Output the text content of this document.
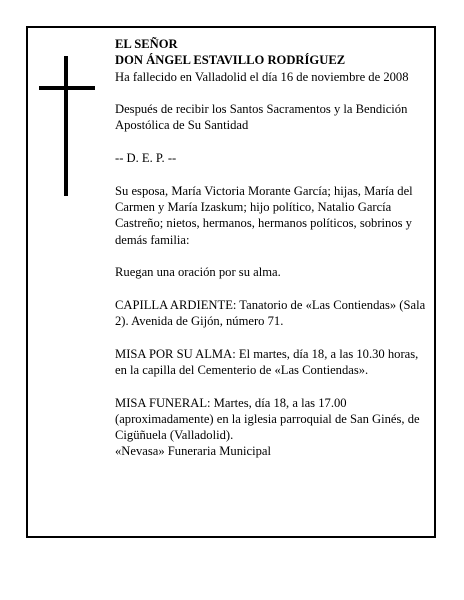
EL SEÑOR

DON ÁNGEL ESTAVILLO RODRÍGUEZ

Ha fallecido en Valladolid el día 16 de noviembre de 2008

Después de recibir los Santos Sacramentos y la Bendición Apostólica de Su Santidad

-- D. E. P. --

Su esposa, María Victoria Morante García; hijas, María del Carmen y María Izaskum; hijo político, Natalio García Castreño; nietos, hermanos, hermanos políticos, sobrinos y demás familia:

Ruegan una oración por su alma.

CAPILLA ARDIENTE: Tanatorio de «Las Contiendas» (Sala 2). Avenida de Gijón, número 71.

MISA POR SU ALMA: El martes, día 18, a las 10.30 horas, en la capilla del Cementerio de «Las Contiendas».

MISA FUNERAL: Martes, día 18, a las 17.00 (aproximadamente) en la iglesia parroquial de San Ginés, de Cigüñuela (Valladolid).

«Nevasa» Funeraria Municipal
